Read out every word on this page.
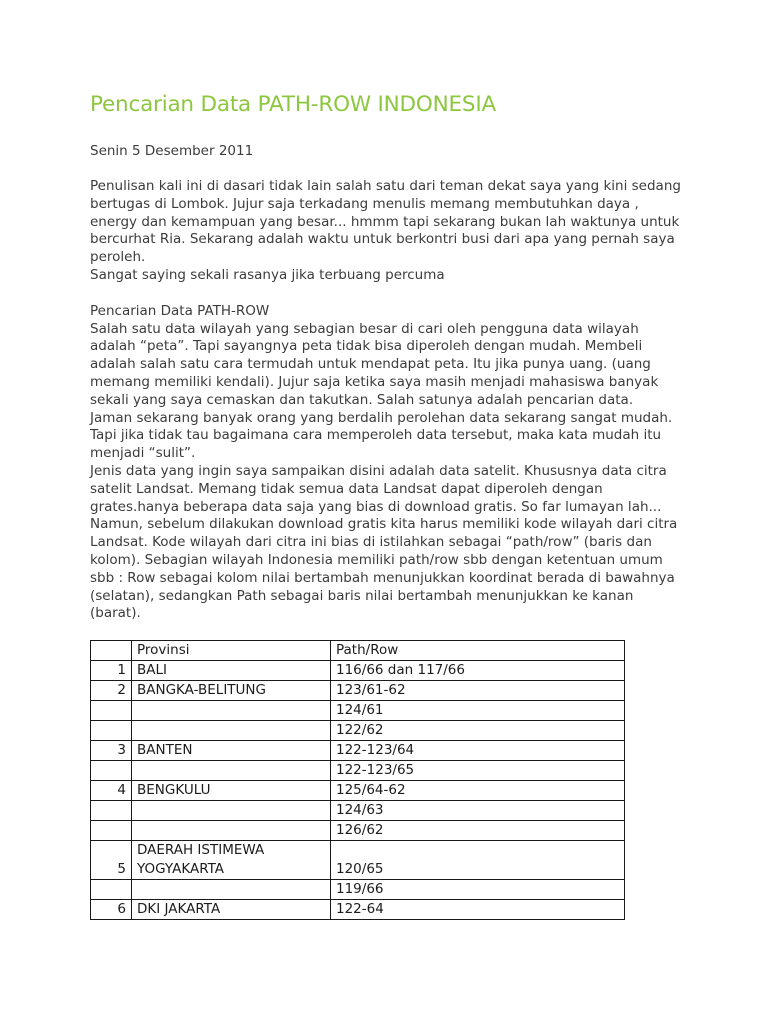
Pencarian Data PATH-ROW INDONESIA
Senin 5 Desember 2011
Penulisan kali ini di dasari tidak lain salah satu dari teman dekat saya yang kini sedang
bertugas di Lombok. Jujur saja terkadang menulis memang membutuhkan daya ,
energy dan kemampuan yang besar... hmmm tapi sekarang bukan lah waktunya untuk
bercurhat Ria. Sekarang adalah waktu untuk berkontri busi dari apa yang pernah saya
peroleh.
Sangat saying sekali rasanya jika terbuang percuma
Pencarian Data PATH-ROW
Salah satu data wilayah yang sebagian besar di cari oleh pengguna data wilayah
adalah “peta”. Tapi sayangnya peta tidak bisa diperoleh dengan mudah. Membeli
adalah salah satu cara termudah untuk mendapat peta. Itu jika punya uang. (uang
memang memiliki kendali). Jujur saja ketika saya masih menjadi mahasiswa banyak
sekali yang saya cemaskan dan takutkan. Salah satunya adalah pencarian data.
Jaman sekarang banyak orang yang berdalih perolehan data sekarang sangat mudah.
Tapi jika tidak tau bagaimana cara memperoleh data tersebut, maka kata mudah itu
menjadi “sulit”.
Jenis data yang ingin saya sampaikan disini adalah data satelit. Khususnya data citra
satelit Landsat. Memang tidak semua data Landsat dapat diperoleh dengan
grates.hanya beberapa data saja yang bias di download gratis. So far lumayan lah...
Namun, sebelum dilakukan download gratis kita harus memiliki kode wilayah dari citra
Landsat. Kode wilayah dari citra ini bias di istilahkan sebagai “path/row” (baris dan
kolom). Sebagian wilayah Indonesia memiliki path/row sbb dengan ketentuan umum
sbb : Row sebagai kolom nilai bertambah menunjukkan koordinat berada di bawahnya
(selatan), sedangkan Path sebagai baris nilai bertambah menunjukkan ke kanan
(barat).
	Provinsi	Path/Row
1	BALI	116/66 dan 117/66
2	BANGKA-BELITUNG	123/61-62

	124/61

	122/62
3	BANTEN	122-123/64

	122-123/65
4	BENGKULU	125/64-62

	124/63

	126/62
5	DAERAH ISTIMEWA
YOGYAKARTA	120/65

	119/66
6	DKI JAKARTA	122-64
